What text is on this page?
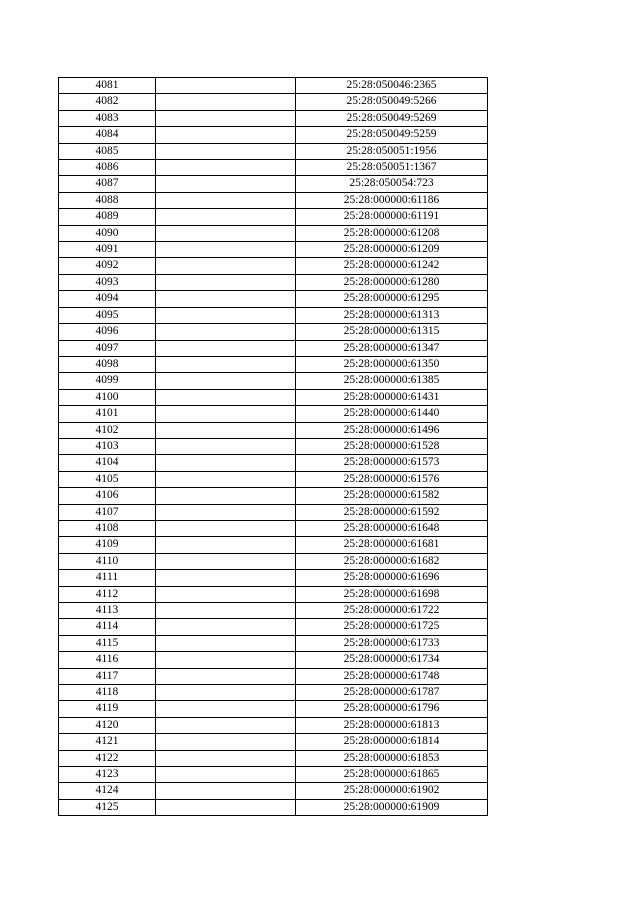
4081		25:28:050046:2365
4082		25:28:050049:5266
4083		25:28:050049:5269
4084		25:28:050049:5259
4085		25:28:050051:1956
4086		25:28:050051:1367
4087		25:28:050054:723
4088		25:28:000000:61186
4089		25:28:000000:61191
4090		25:28:000000:61208
4091		25:28:000000:61209
4092		25:28:000000:61242
4093		25:28:000000:61280
4094		25:28:000000:61295
4095		25:28:000000:61313
4096		25:28:000000:61315
4097		25:28:000000:61347
4098		25:28:000000:61350
4099		25:28:000000:61385
4100		25:28:000000:61431
4101		25:28:000000:61440
4102		25:28:000000:61496
4103		25:28:000000:61528
4104		25:28:000000:61573
4105		25:28:000000:61576
4106		25:28:000000:61582
4107		25:28:000000:61592
4108		25:28:000000:61648
4109		25:28:000000:61681
4110		25:28:000000:61682
4111		25:28:000000:61696
4112		25:28:000000:61698
4113		25:28:000000:61722
4114		25:28:000000:61725
4115		25:28:000000:61733
4116		25:28:000000:61734
4117		25:28:000000:61748
4118		25:28:000000:61787
4119		25:28:000000:61796
4120		25:28:000000:61813
4121		25:28:000000:61814
4122		25:28:000000:61853
4123		25:28:000000:61865
4124		25:28:000000:61902
4125		25:28:000000:61909
